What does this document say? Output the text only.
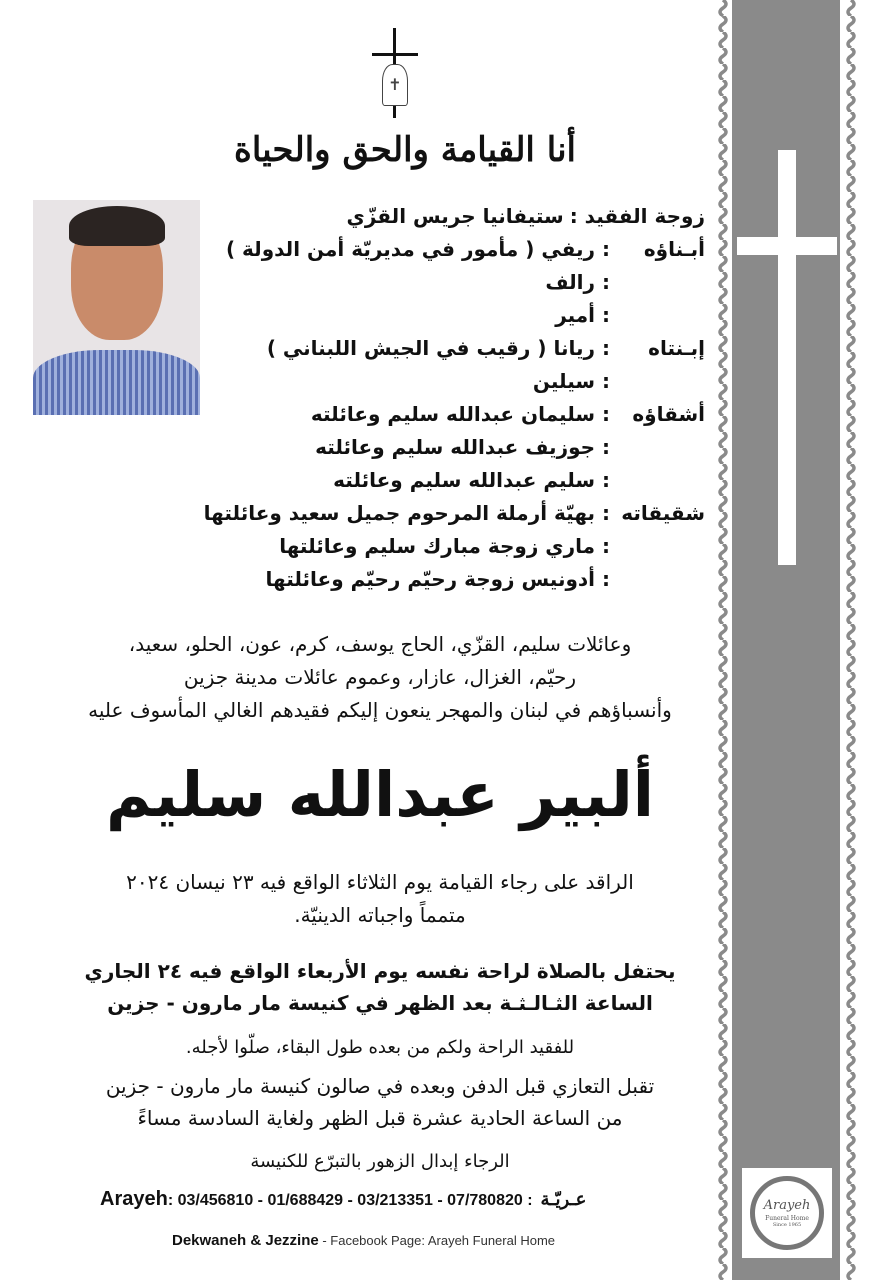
Arayeh
Funeral Home
Since 1965
✝
أنا القيامة والحق والحياة
زوجة الفقيد :
ستيفانيا جريس القزّي
أبـناؤه
: ريفي ( مأمور في مديريّة أمن الدولة )
: رالف
: أمير
إبـنتاه
: ريانا ( رقيب في الجيش اللبناني )
: سيلين
أشقاؤه
: سليمان عبدالله سليم وعائلته
: جوزيف عبدالله سليم وعائلته
: سليم عبدالله سليم وعائلته
شقيقاته
: بهيّة أرملة المرحوم جميل سعيد وعائلتها
: ماري زوجة مبارك سليم وعائلتها
: أدونيس زوجة رحيّم رحيّم وعائلتها
وعائلات سليم، القزّي، الحاج يوسف، كرم، عون، الحلو، سعيد،
رحيّم، الغزال، عازار، وعموم عائلات مدينة جزين
وأنسباؤهم في لبنان والمهجر ينعون إليكم فقيدهم الغالي المأسوف عليه
ألبير عبدالله سليم
الراقد على رجاء القيامة يوم الثلاثاء الواقع فيه ٢٣ نيسان ٢٠٢٤
متمماً واجباته الدينيّة.
يحتفل بالصلاة لراحة نفسه يوم الأربعاء الواقع فيه ٢٤ الجاري
الساعة الثـالـثـة بعد الظهر في كنيسة مار مارون - جزين
للفقيد الراحة ولكم من بعده طول البقاء، صلّوا لأجله.
تقبل التعازي قبل الدفن وبعده في صالون كنيسة مار مارون - جزين
من الساعة الحادية عشرة قبل الظهر ولغاية السادسة مساءً
الرجاء إبدال الزهور بالتبرّع للكنيسة
Arayeh : 03/456810 - 01/688429 - 03/213351 - 07/780820 : عـريّـة
Dekwaneh & Jezzine - Facebook Page: Arayeh Funeral Home
